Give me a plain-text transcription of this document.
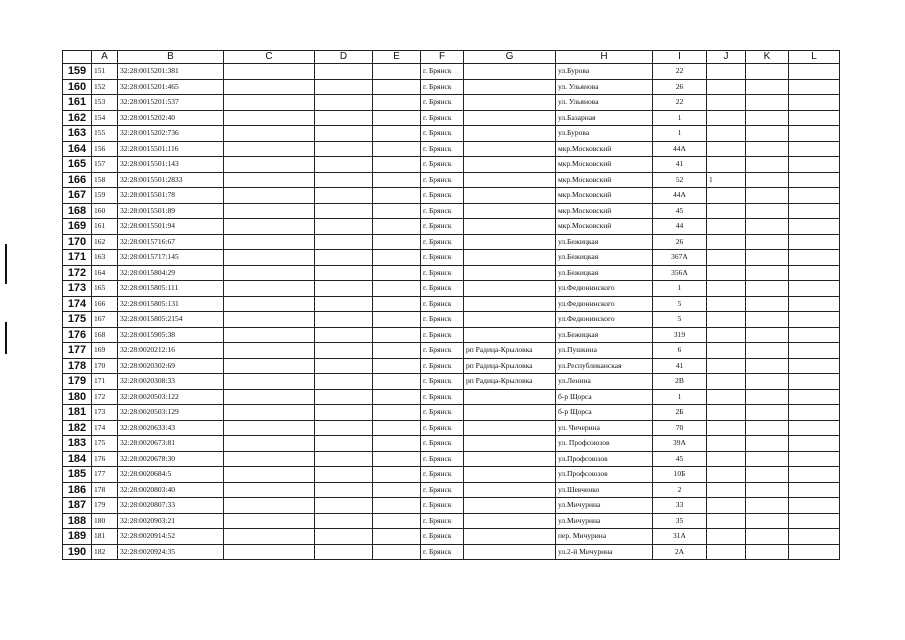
	A	B	C	D	E	F	G	H	I	J	K	L
159	151	32:28:0015201:381				г. Брянск		ул.Бурова	22			
160	152	32:28:0015201:465				г. Брянск		ул. Ульянова	26			
161	153	32:28:0015201:537				г. Брянск		ул. Ульянова	22			
162	154	32:28:0015202:40				г. Брянск		ул.Базарная	1			
163	155	32:28:0015202:736				г. Брянск		ул.Бурова	1			
164	156	32:28:0015501:116				г. Брянск		мкр.Московский	44А			
165	157	32:28:0015501:143				г. Брянск		мкр.Московский	41			
166	158	32:28:0015501:2833				г. Брянск		мкр.Московский	52	1		
167	159	32:28:0015501:78				г. Брянск		мкр.Московский	44А			
168	160	32:28:0015501:89				г. Брянск		мкр.Московский	45			
169	161	32:28:0015501:94				г. Брянск		мкр.Московский	44			
170	162	32:28:0015716:67				г. Брянск		ул.Бежицкая	26			
171	163	32:28:0015717:145				г. Брянск		ул.Бежицкая	367А			
172	164	32:28:0015804:29				г. Брянск		ул.Бежицкая	356А			
173	165	32:28:0015805:111				г. Брянск		ул.Федюнинского	1			
174	166	32:28:0015805:131				г. Брянск		ул.Федюнинского	5			
175	167	32:28:0015805:2154				г. Брянск		ул.Федюнинского	5			
176	168	32:28:0015905:38				г. Брянск		ул.Бежицкая	319			
177	169	32:28:0020212:16				г. Брянск	рп Радица-Крыловка	ул.Пушкина	6			
178	170	32:28:0020302:69				г. Брянск	рп Радица-Крыловка	ул.Республиканская	41			
179	171	32:28:0020308:33				г. Брянск	рп Радица-Крыловка	ул.Ленина	2В			
180	172	32:28:0020503:122				г. Брянск		б-р Щорса	1			
181	173	32:28:0020503:129				г. Брянск		б-р Щорса	2Б			
182	174	32:28:0020633:43				г. Брянск		ул. Чичерина	70			
183	175	32:28:0020673:81				г. Брянск		ул. Профсоюзов	39А			
184	176	32:28:0020678:30				г. Брянск		ул.Профсоюзов	45			
185	177	32:28:0020684:5				г. Брянск		ул.Профсоюзов	10Б			
186	178	32:28:0020803:40				г. Брянск		ул.Шевченко	2			
187	179	32:28:0020807:33				г. Брянск		ул.Мичурина	33			
188	180	32:28:0020903:21				г. Брянск		ул.Мичурина	35			
189	181	32:28:0020914:52				г. Брянск		пер. Мичурина	31А			
190	182	32:28:0020924:35				г. Брянск		ул.2-й Мичурина	2А			
